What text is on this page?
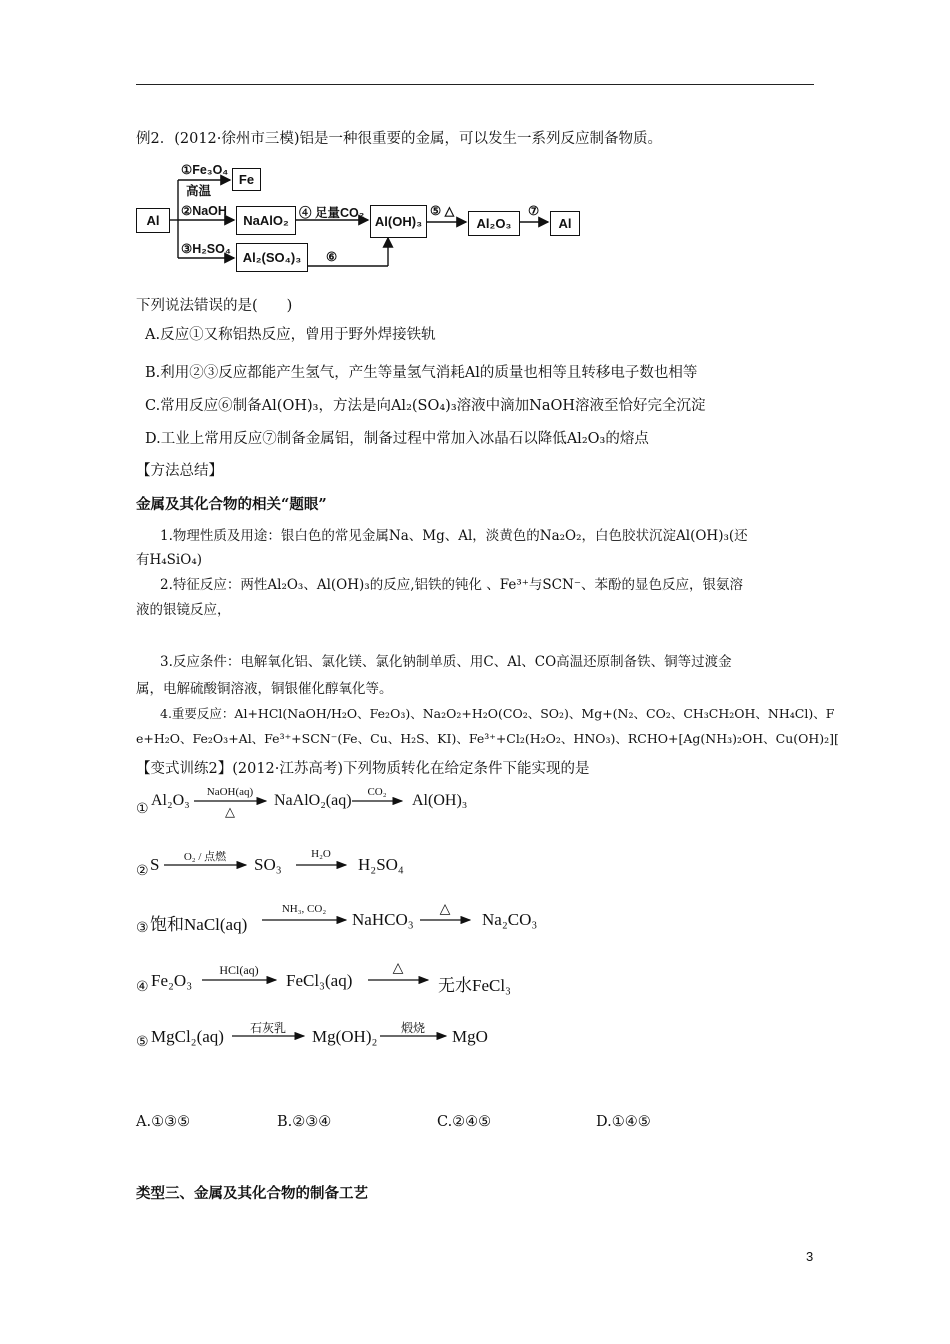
例2．(2012·徐州市三模)铝是一种很重要的金属，可以发生一系列反应制备物质。
Al
Fe
NaAlO₂	Al(OH)₃	Al₂O₃	Al
Al₂(SO₄)₃
①Fe₃O₄
高温
②NaOH
③H₂SO₄
④ 足量CO₂	⑤ △
⑥
⑦
下列说法错误的是(　　)
A.反应①又称铝热反应，曾用于野外焊接铁轨
B.利用②③反应都能产生氢气，产生等量氢气消耗Al的质量也相等且转移电子数也相等
C.常用反应⑥制备Al(OH)₃，方法是向Al₂(SO₄)₃溶液中滴加NaOH溶液至恰好完全沉淀
D.工业上常用反应⑦制备金属铝，制备过程中常加入冰晶石以降低Al₂O₃的熔点
【方法总结】
金属及其化合物的相关“题眼”
1.物理性质及用途：银白色的常见金属Na、Mg、Al，淡黄色的Na₂O₂，白色胶状沉淀Al(OH)₃(还
有H₄SiO₄)
2.特征反应：两性Al₂O₃、Al(OH)₃的反应,铝铁的钝化 、Fe³⁺与SCN⁻、苯酚的显色反应，银氨溶
液的银镜反应，
3.反应条件：电解氧化铝、氯化镁、氯化钠制单质、用C、Al、CO高温还原制备铁、铜等过渡金
属，电解硫酸铜溶液，铜银催化醇氧化等。
4.重要反应：Al+HCl(NaOH/H₂O、Fe₂O₃)、Na₂O₂+H₂O(CO₂、SO₂)、Mg+(N₂、CO₂、CH₃CH₂OH、NH₄Cl)、F
e+H₂O、Fe₂O₃+Al、Fe³⁺+SCN⁻(Fe、Cu、H₂S、KI)、Fe³⁺+Cl₂(H₂O₂、HNO₃)、RCHO+[Ag(NH₃)₂OH、Cu(OH)₂][
【变式训练2】(2012·江苏高考)下列物质转化在给定条件下能实现的是
① Al₂O₃	NaOH(aq)
△
NaAlO₂(aq)	CO₂	Al(OH)₃
② S	O₂ / 点燃	SO₃
H₂O
H₂SO₄
③ 饱和NaCl(aq)
NH₃, CO₂
NaHCO₃
△
Na₂CO₃
④ Fe₂O₃
HCl(aq)
FeCl₃(aq)
△
无水FeCl₃
⑤ MgCl₂(aq)	石灰乳	Mg(OH)₂	煅烧	MgO
A.①③⑤	B.②③④	C.②④⑤	D.①④⑤
类型三、金属及其化合物的制备工艺
3
